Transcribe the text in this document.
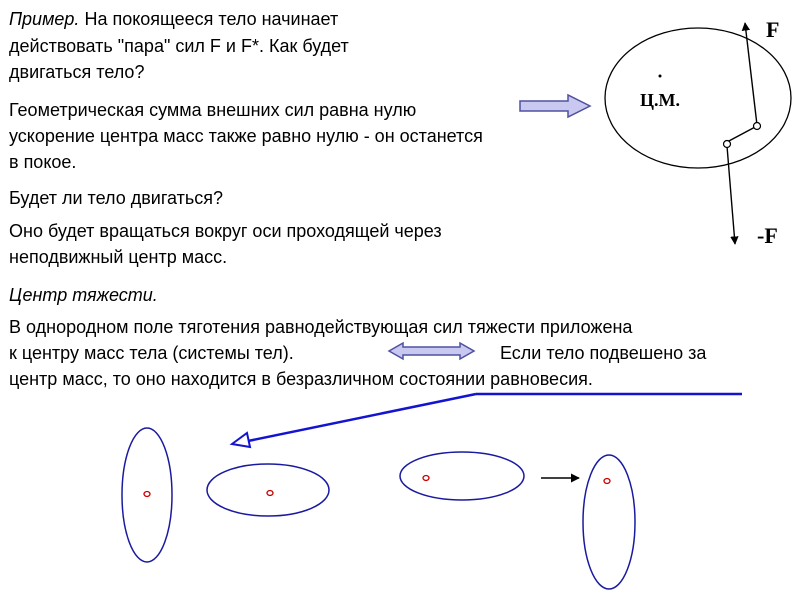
Пример. На покоящееся тело начинает
действовать "пара" сил F и F*. Как будет
двигаться тело?
Геометрическая сумма внешних сил равна нулю
ускорение центра масс также равно нулю - он останется
в покое.
Будет ли тело двигаться?
Оно будет вращаться вокруг оси проходящей через
неподвижный центр масс.
Центр тяжести.
В однородном поле тяготения равнодействующая сил тяжести приложена
к центру масс тела (системы тел).	Если тело подвешено за
центр масс, то оно находится в безразличном состоянии равновесия.
F
-F
Ц.М.
